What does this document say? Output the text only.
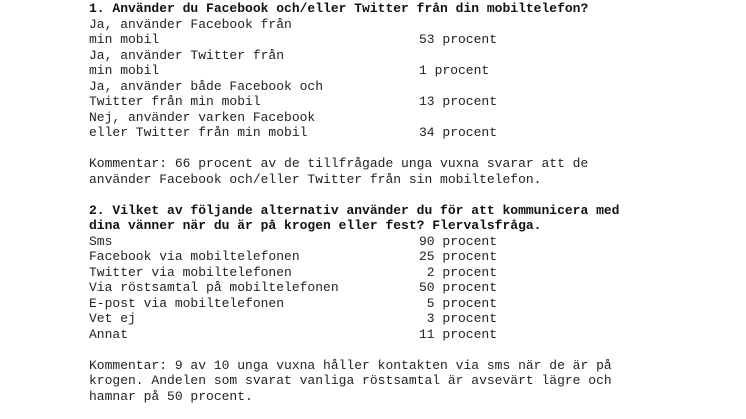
1. Använder du Facebook och/eller Twitter från din mobiltelefon?
Ja, använder Facebook från
min mobil	53 procent
Ja, använder Twitter från
min mobil	1 procent
Ja, använder både Facebook och
Twitter från min mobil	13 procent
Nej, använder varken Facebook
eller Twitter från min mobil	34 procent
Kommentar: 66 procent av de tillfrågade unga vuxna svarar att de
använder Facebook och/eller Twitter från sin mobiltelefon.
2. Vilket av följande alternativ använder du för att kommunicera med
dina vänner när du är på krogen eller fest? Flervalsfråga.
Sms	90 procent
Facebook via mobiltelefonen	25 procent
Twitter via mobiltelefonen	2 procent
Via röstsamtal på mobiltelefonen	50 procent
E-post via mobiltelefonen	5 procent
Vet ej	3 procent
Annat	11 procent
Kommentar: 9 av 10 unga vuxna håller kontakten via sms när de är på
krogen. Andelen som svarat vanliga röstsamtal är avsevärt lägre och
hamnar på 50 procent.
